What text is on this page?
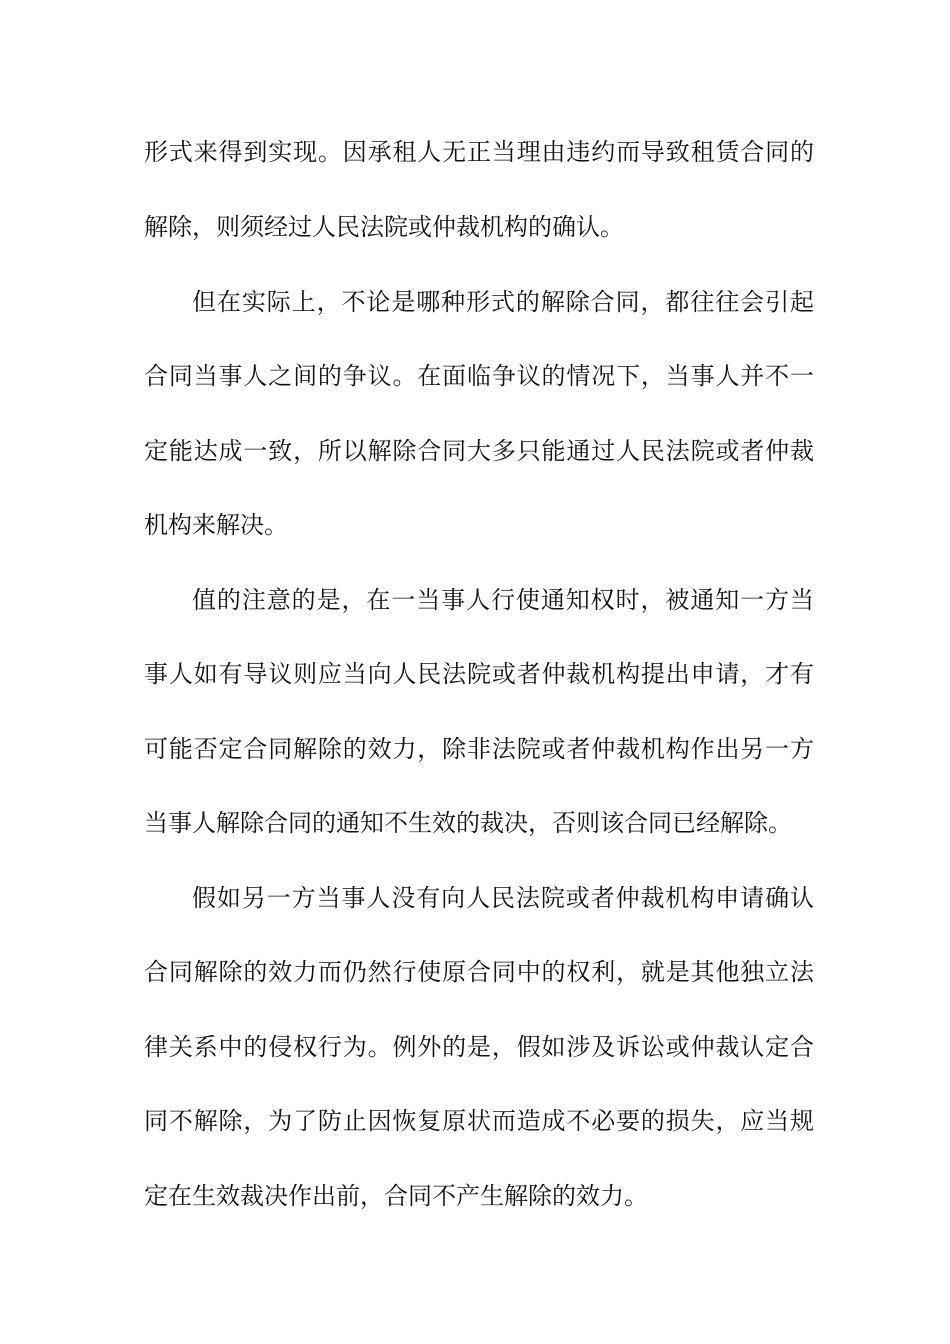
形式来得到实现。因承租人无正当理由违约而导致租赁合同的
解除，则须经过人民法院或仲裁机构的确认。
但在实际上，不论是哪种形式的解除合同，都往往会引起
合同当事人之间的争议。在面临争议的情况下，当事人并不一
定能达成一致，所以解除合同大多只能通过人民法院或者仲裁
机构来解决。
值的注意的是，在一当事人行使通知权时，被通知一方当
事人如有导议则应当向人民法院或者仲裁机构提出申请，才有
可能否定合同解除的效力，除非法院或者仲裁机构作出另一方
当事人解除合同的通知不生效的裁决，否则该合同已经解除。
假如另一方当事人没有向人民法院或者仲裁机构申请确认
合同解除的效力而仍然行使原合同中的权利，就是其他独立法
律关系中的侵权行为。例外的是，假如涉及诉讼或仲裁认定合
同不解除，为了防止因恢复原状而造成不必要的损失，应当规
定在生效裁决作出前，合同不产生解除的效力。
